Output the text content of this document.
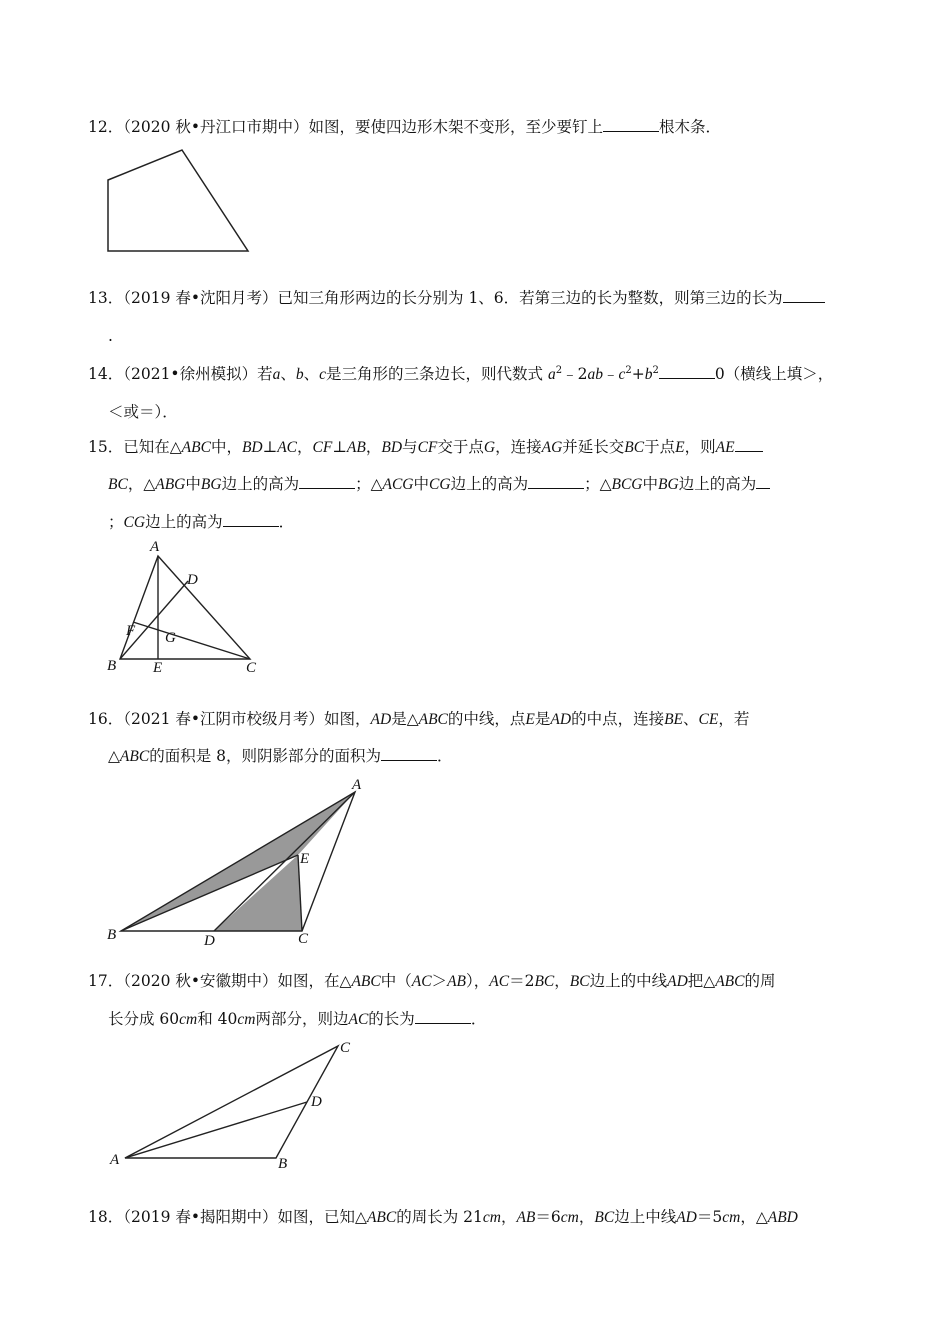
12．（2020 秋•丹江口市期中）如图，要使四边形木架不变形，至少要钉上	根木条．
13．（2019 春•沈阳月考）已知三角形两边的长分别为 1、6．若第三边的长为整数，则第三边的长为
.
14．（2021•徐州模拟）若a、b、c是三角形的三条边长，则代数式 $a^2﹣2ab﹣c^2+b^2$	0（横线上填＞，
＜或＝）．
15．已知在△ABC中，BD⊥AC，CF⊥AB，BD与CF交于点G，连接AG并延长交BC于点E，则AE
BC，△ABG中BG边上的高为	；△ACG中CG边上的高为	；△BCG中BG边上的高为
；CG边上的高为	．
A
D
F G
B E	C
16．（2021 春•江阴市校级月考）如图，AD是△ABC的中线，点E是AD的中点，连接BE、CE，若
△ABC的面积是 8，则阴影部分的面积为	．
A
E
B	D	C
17．（2020 秋•安徽期中）如图，在△ABC中（AC＞AB），AC＝2BC，BC边上的中线AD把△ABC的周
长分成 60cm和 40cm两部分，则边AC的长为	．
C
D
A	B
18．（2019 春•揭阳期中）如图，已知△ABC的周长为 21cm，AB＝6cm，BC边上中线AD＝5cm，△ABD
